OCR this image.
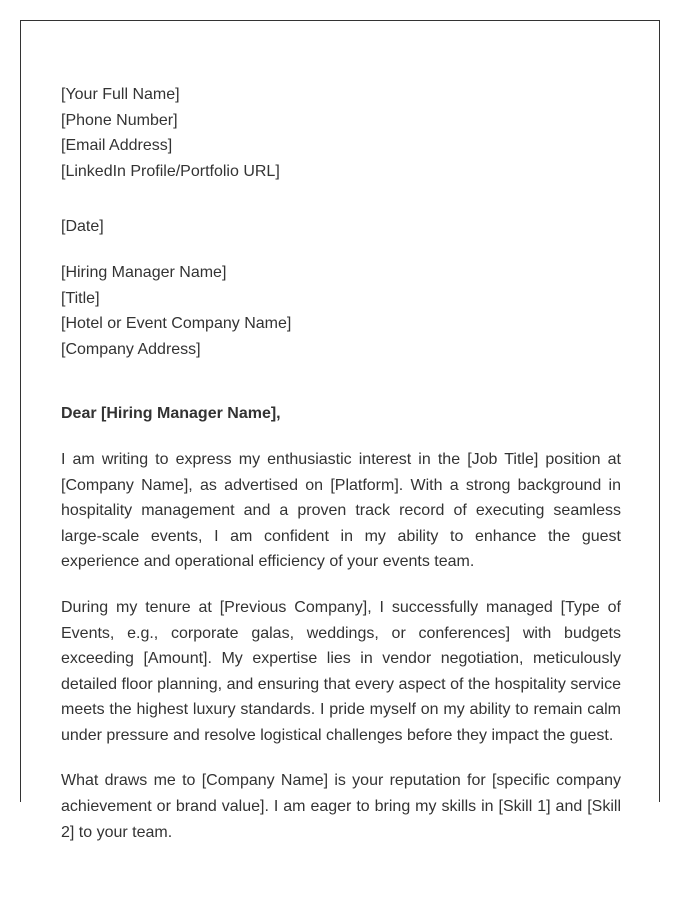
[Your Full Name]
[Phone Number]
[Email Address]
[LinkedIn Profile/Portfolio URL]
[Date]
[Hiring Manager Name]
[Title]
[Hotel or Event Company Name]
[Company Address]

Dear [Hiring Manager Name],

I am writing to express my enthusiastic interest in the [Job Title] position at [Company Name], as advertised on [Platform]. With a strong background in hospitality management and a proven track record of executing seamless large-scale events, I am confident in my ability to enhance the guest experience and operational efficiency of your events team.

During my tenure at [Previous Company], I successfully managed [Type of Events, e.g., corporate galas, weddings, or conferences] with budgets exceeding [Amount]. My expertise lies in vendor negotiation, meticulously detailed floor planning, and ensuring that every aspect of the hospitality service meets the highest luxury standards. I pride myself on my ability to remain calm under pressure and resolve logistical challenges before they impact the guest.

What draws me to [Company Name] is your reputation for [specific company achievement or brand value]. I am eager to bring my skills in [Skill 1] and [Skill 2] to your team.
